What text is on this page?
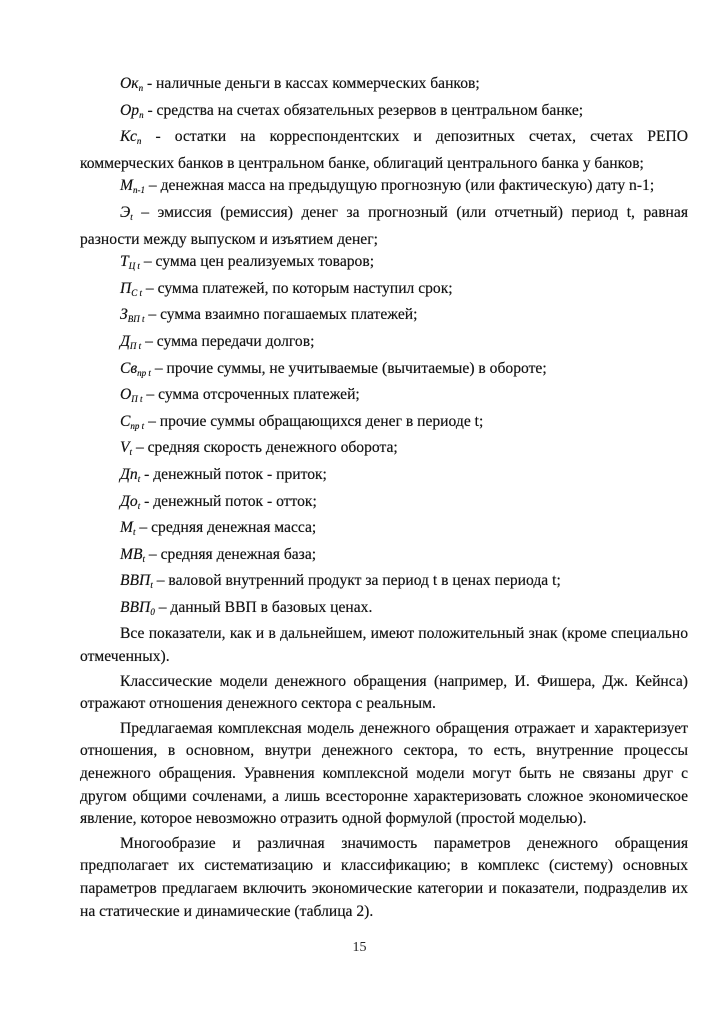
$Ок_п$ - наличные деньги в кассах коммерческих банков;

$Ор_п$ - средства на счетах обязательных резервов в центральном банке;

$Кс_п$ - остатки на корреспондентских и депозитных счетах, счетах РЕПО коммерческих банков в центральном банке, облигаций центрального банка у банков;

$М_{n-1}$ – денежная масса на предыдущую прогнозную (или фактическую) дату n-1;

$Э_t$ – эмиссия (ремиссия) денег за прогнозный (или отчетный) период t, равная разности между выпуском и изъятием денег;

$Т_{Ц t}$ – сумма цен реализуемых товаров;

$П_{С t}$ – сумма платежей, по которым наступил срок;

$З_{ВП t}$ – сумма взаимно погашаемых платежей;

$Д_{П t}$ – сумма передачи долгов;

$Св_{пр t}$ – прочие суммы, не учитываемые (вычитаемые) в обороте;

$О_{П t}$ – сумма отсроченных платежей;

$С_{пр t}$ – прочие суммы обращающихся денег в периоде t;

$V_t$ – средняя скорость денежного оборота;

$Дп_t$ - денежный поток - приток;

$До_t$ - денежный поток - отток;

$М_t$ – средняя денежная масса;

$МВ_t$ – средняя денежная база;

$ВВП_t$ – валовой внутренний продукт за период t в ценах периода t;

$ВВП_0$ – данный ВВП в базовых ценах.

Все показатели, как и в дальнейшем, имеют положительный знак (кроме специально отмеченных).

Классические модели денежного обращения (например, И. Фишера, Дж. Кейнса) отражают отношения денежного сектора с реальным.

Предлагаемая комплексная модель денежного обращения отражает и характеризует отношения, в основном, внутри денежного сектора, то есть, внутренние процессы денежного обращения. Уравнения комплексной модели могут быть не связаны друг с другом общими сочленами, а лишь всесторонне характеризовать сложное экономическое явление, которое невозможно отразить одной формулой (простой моделью).

Многообразие и различная значимость параметров денежного обращения предполагает их систематизацию и классификацию; в комплекс (систему) основных параметров предлагаем включить экономические категории и показатели, подразделив их на статические и динамические (таблица 2).

15
